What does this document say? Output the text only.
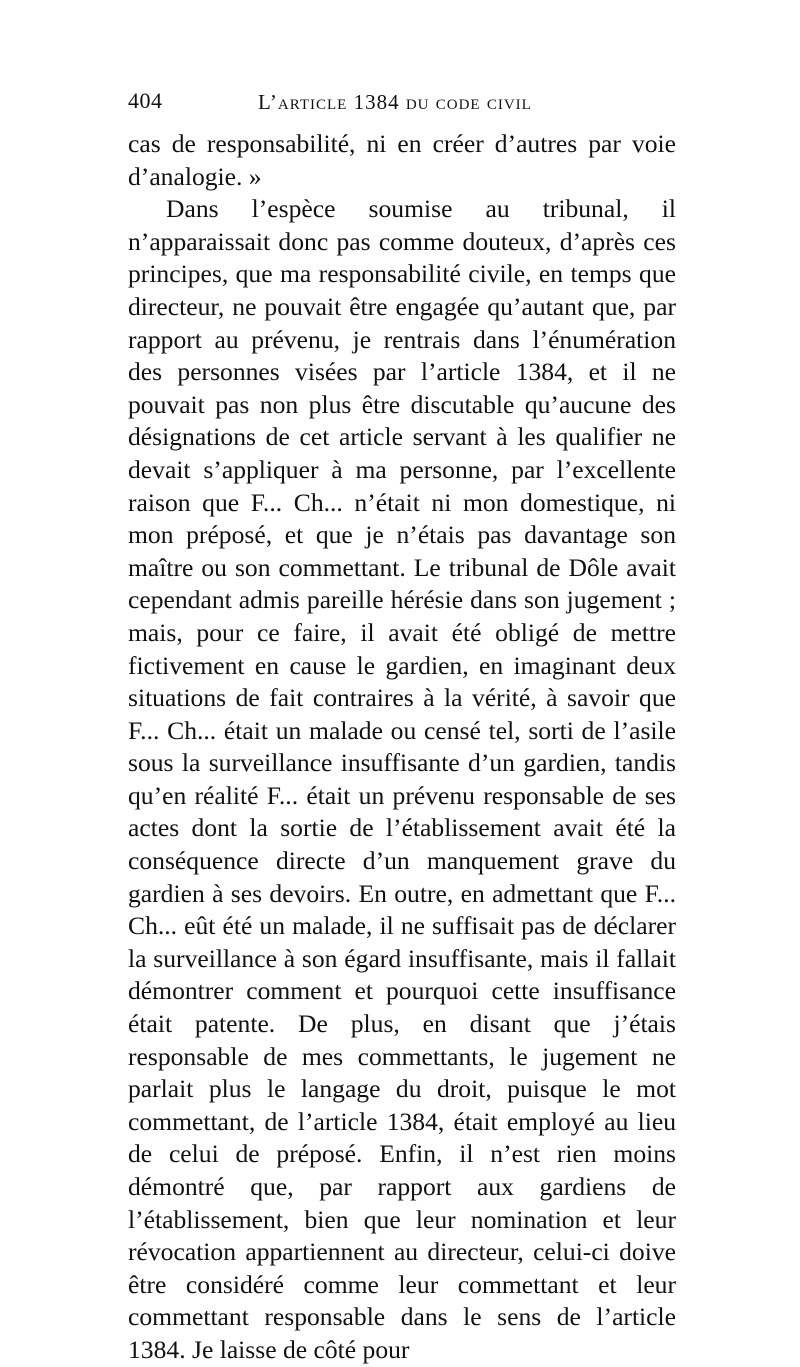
404	L’article 1384 du code civil

cas de responsabilité, ni en créer d’autres par voie d’analogie. »

Dans l’espèce soumise au tribunal, il n’apparaissait donc pas comme douteux, d’après ces principes, que ma responsabilité civile, en temps que directeur, ne pouvait être engagée qu’autant que, par rapport au prévenu, je rentrais dans l’énumération des personnes visées par l’article 1384, et il ne pouvait pas non plus être discutable qu’aucune des désignations de cet article servant à les qualifier ne devait s’appliquer à ma personne, par l’excellente raison que F... Ch... n’était ni mon domestique, ni mon préposé, et que je n’étais pas davantage son maître ou son commettant. Le tribunal de Dôle avait cependant admis pareille hérésie dans son jugement ; mais, pour ce faire, il avait été obligé de mettre fictivement en cause le gardien, en imaginant deux situations de fait contraires à la vérité, à savoir que F... Ch... était un malade ou censé tel, sorti de l’asile sous la surveillance insuffisante d’un gardien, tandis qu’en réalité F... était un prévenu responsable de ses actes dont la sortie de l’établissement avait été la conséquence directe d’un manquement grave du gardien à ses devoirs. En outre, en admettant que F... Ch... eût été un malade, il ne suffisait pas de déclarer la surveillance à son égard insuffisante, mais il fallait démontrer comment et pourquoi cette insuffisance était patente. De plus, en disant que j’étais responsable de mes commettants, le jugement ne parlait plus le langage du droit, puisque le mot commettant, de l’article 1384, était employé au lieu de celui de préposé. Enfin, il n’est rien moins démontré que, par rapport aux gardiens de l’établissement, bien que leur nomination et leur révocation appartiennent au directeur, celui-ci doive être considéré comme leur commettant et leur commettant responsable dans le sens de l’article 1384. Je laisse de côté pour
